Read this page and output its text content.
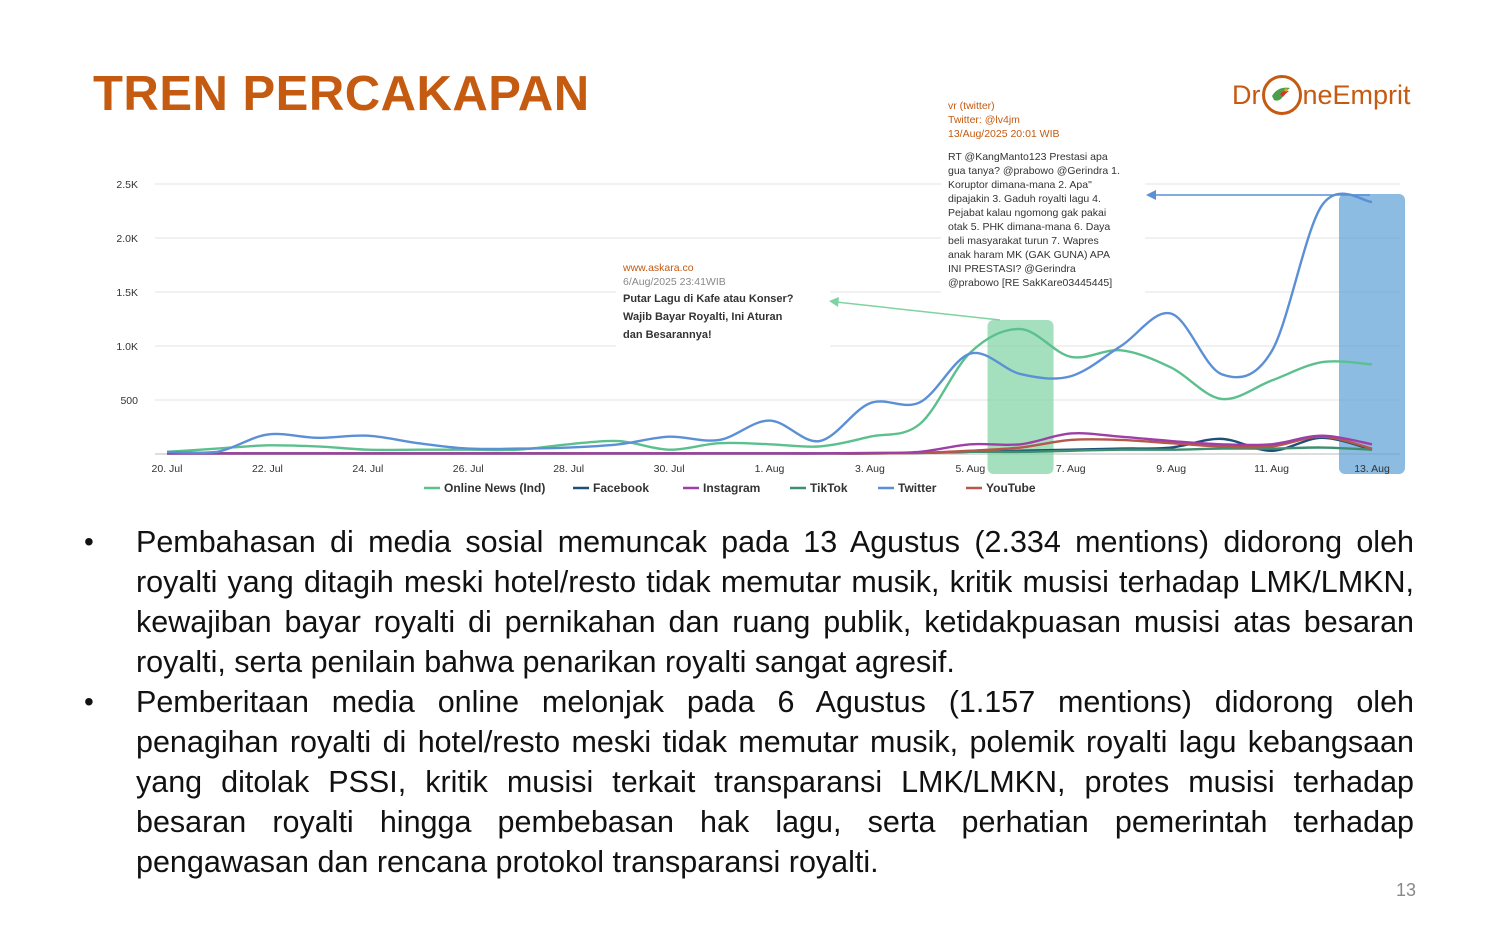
TREN PERCAKAPAN	Dr neEmprit
500
1.0K
1.5K
2.0K
2.5K
20. Jul	22. Jul	24. Jul	26. Jul	28. Jul	30. Jul	1. Aug	3. Aug	5. Aug	7. Aug	9. Aug	11. Aug	13. Aug
vr (twitter)
Twitter: @lv4jm
13/Aug/2025 20:01 WIB
RT @KangManto123 Prestasi apa
gua tanya? @prabowo @Gerindra 1.
Koruptor dimana-mana 2. Apa"
dipajakin 3. Gaduh royalti lagu 4.
Pejabat kalau ngomong gak pakai
otak 5. PHK dimana-mana 6. Daya
beli masyarakat turun 7. Wapres
anak haram MK (GAK GUNA) APA
INI PRESTASI? @Gerindra
@prabowo [RE SakKare03445445]
www.askara.co
6/Aug/2025 23:41WIB
Putar Lagu di Kafe atau Konser?
Wajib Bayar Royalti, Ini Aturan
dan Besarannya!
Online News (Ind)	Facebook	Instagram	TikTok	Twitter	YouTube
• Pembahasan di media sosial memuncak pada 13 Agustus (2.334 mentions) didorong oleh royalti yang ditagih meski hotel/resto tidak memutar musik, kritik musisi terhadap LMK/LMKN, kewajiban bayar royalti di pernikahan dan ruang publik, ketidakpuasan musisi atas besaran royalti, serta penilain bahwa penarikan royalti sangat agresif.
• Pemberitaan media online melonjak pada 6 Agustus (1.157 mentions) didorong oleh penagihan royalti di hotel/resto meski tidak memutar musik, polemik royalti lagu kebangsaan yang ditolak PSSI, kritik musisi terkait transparansi LMK/LMKN, protes musisi terhadap besaran royalti hingga pembebasan hak lagu, serta perhatian pemerintah terhadap pengawasan dan rencana protokol transparansi royalti.
13
